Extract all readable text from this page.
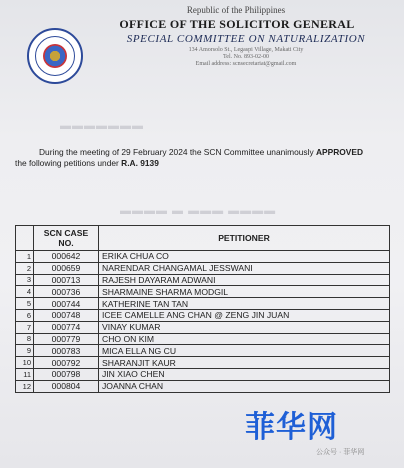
Republic of the Philippines
OFFICE OF THE SOLICITOR GENERAL
SPECIAL COMMITTEE ON NATURALIZATION
134 Amorsolo St., Legaspi Village, Makati City
Tel. No. 893-02-00
Email address: scnsecretariat@gmail.com
▬▬▬▬▬▬▬
▬▬▬▬ ▬ ▬▬▬ ▬▬▬▬
During the meeting of 29 February 2024 the SCN Committee unanimously APPROVED
the following petitions under R.A. 9139
	SCN CASE NO.	PETITIONER
1	000642	ERIKA CHUA CO
2	000659	NARENDAR CHANGAMAL JESSWANI
3	000713	RAJESH DAYARAM ADWANI
4	000736	SHARMAINE SHARMA MODGIL
5	000744	KATHERINE TAN TAN
6	000748	ICEE CAMELLE ANG CHAN @ ZENG JIN JUAN
7	000774	VINAY KUMAR
8	000779	CHO ON KIM
9	000783	MICA ELLA NG CU
10	000792	SHARANJIT KAUR
11	000798	JIN XIAO CHEN
12	000804	JOANNA CHAN
菲华网
公众号 · 菲华网
